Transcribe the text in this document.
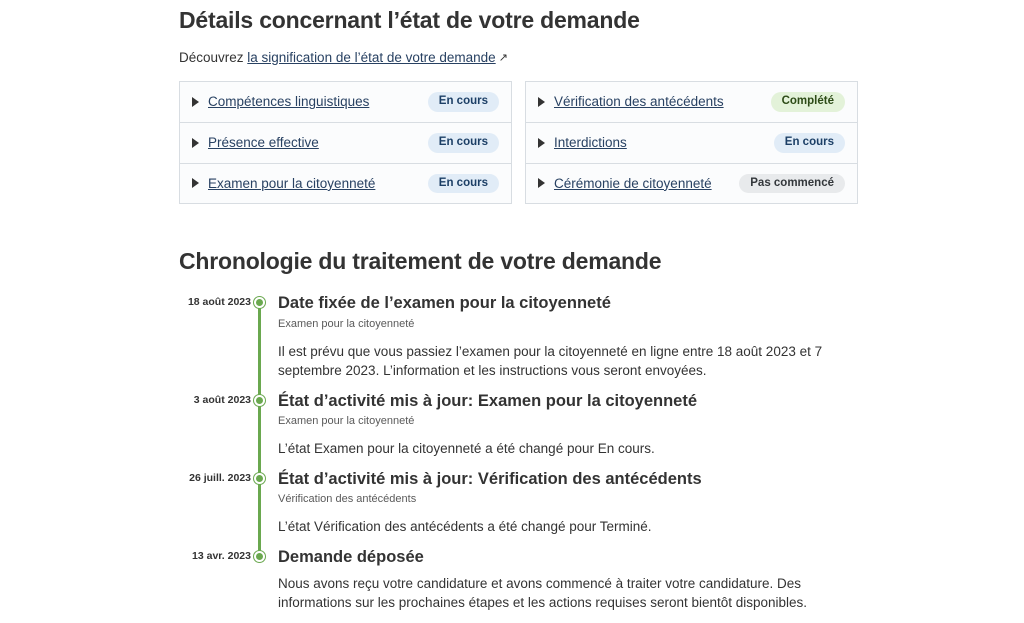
Détails concernant l’état de votre demande

Découvrez la signification de l’état de votre demande ↗

Compétences linguistiques	En cours
Présence effective	En cours
Examen pour la citoyenneté	En cours
Vérification des antécédents	Complété
Interdictions	En cours
Cérémonie de citoyenneté	Pas commencé
Chronologie du traitement de votre demande
18 août 2023 Date fixée de l’examen pour la citoyenneté

Examen pour la citoyenneté

Il est prévu que vous passiez l’examen pour la citoyenneté en ligne entre 18 août 2023 et 7 septembre 2023. L’information et les instructions vous seront envoyées.

3 août 2023 État d’activité mis à jour: Examen pour la citoyenneté

Examen pour la citoyenneté

L’état Examen pour la citoyenneté a été changé pour En cours.

26 juill. 2023 État d’activité mis à jour: Vérification des antécédents

Vérification des antécédents

L’état Vérification des antécédents a été changé pour Terminé.

13 avr. 2023 Demande déposée

Nous avons reçu votre candidature et avons commencé à traiter votre candidature. Des informations sur les prochaines étapes et les actions requises seront bientôt disponibles.
